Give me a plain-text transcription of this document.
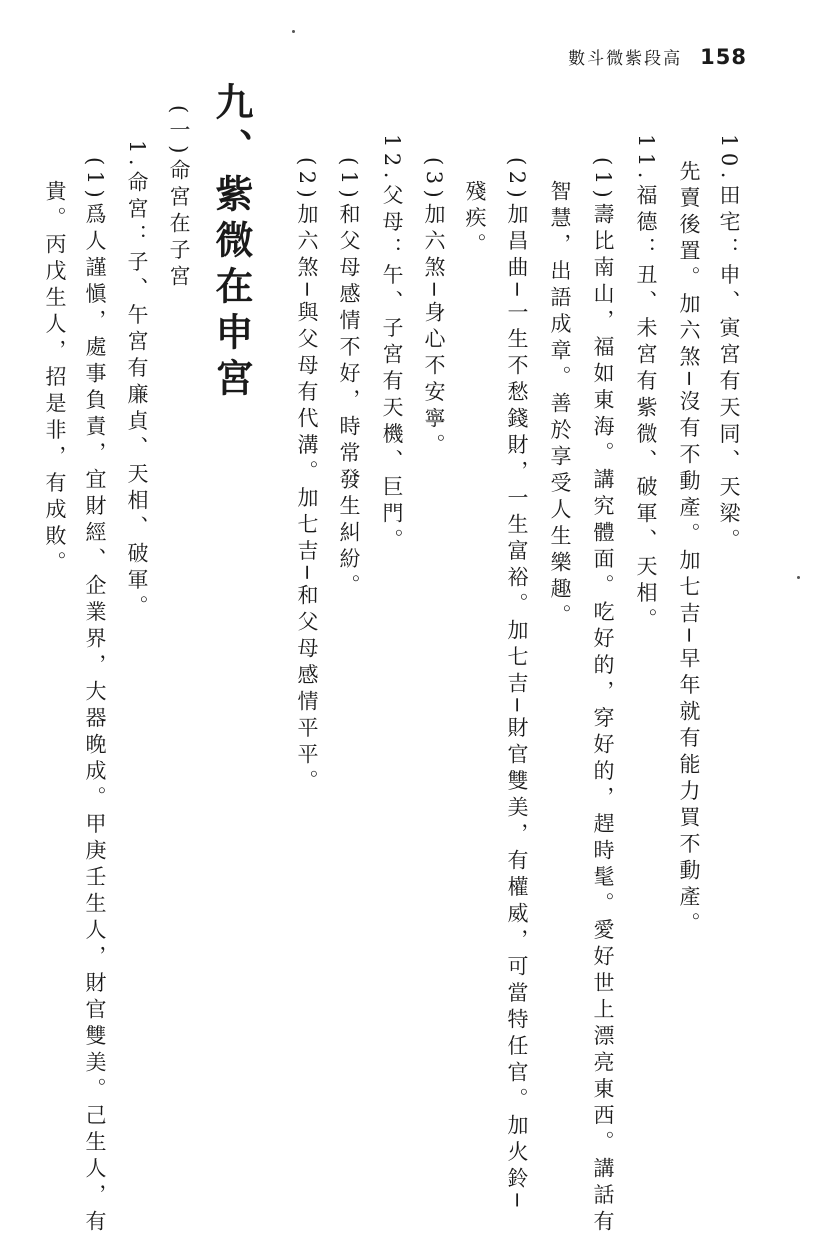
數斗微紫段高 158
10.田宅：申、寅宮有天同、天梁。
先賣後置。加六煞─沒有不動產。加七吉─早年就有能力買不動產。
11.福德：丑、未宮有紫微、破軍、天相。
(1)壽比南山，福如東海。講究體面。吃好的，穿好的，趕時髦。愛好世上漂亮東西。講話有
智慧，出語成章。善於享受人生樂趣。
(2)加昌曲─一生不愁錢財，一生富裕。加七吉─財官雙美，有權威，可當特任官。加火鈴─
殘疾。
(3)加六煞─身心不安寧。
12.父母：午、子宮有天機、巨門。
(1)和父母感情不好，時常發生糾紛。
(2)加六煞─與父母有代溝。加七吉─和父母感情平平。
九、紫微在申宮
(一)命宮在子宮
1.命宮：子、午宮有廉貞、天相、破軍。
(1)爲人謹愼，處事負責，宜財經、企業界，大器晚成。甲庚壬生人，財官雙美。己生人，有
貴。丙戊生人，招是非，有成敗。
